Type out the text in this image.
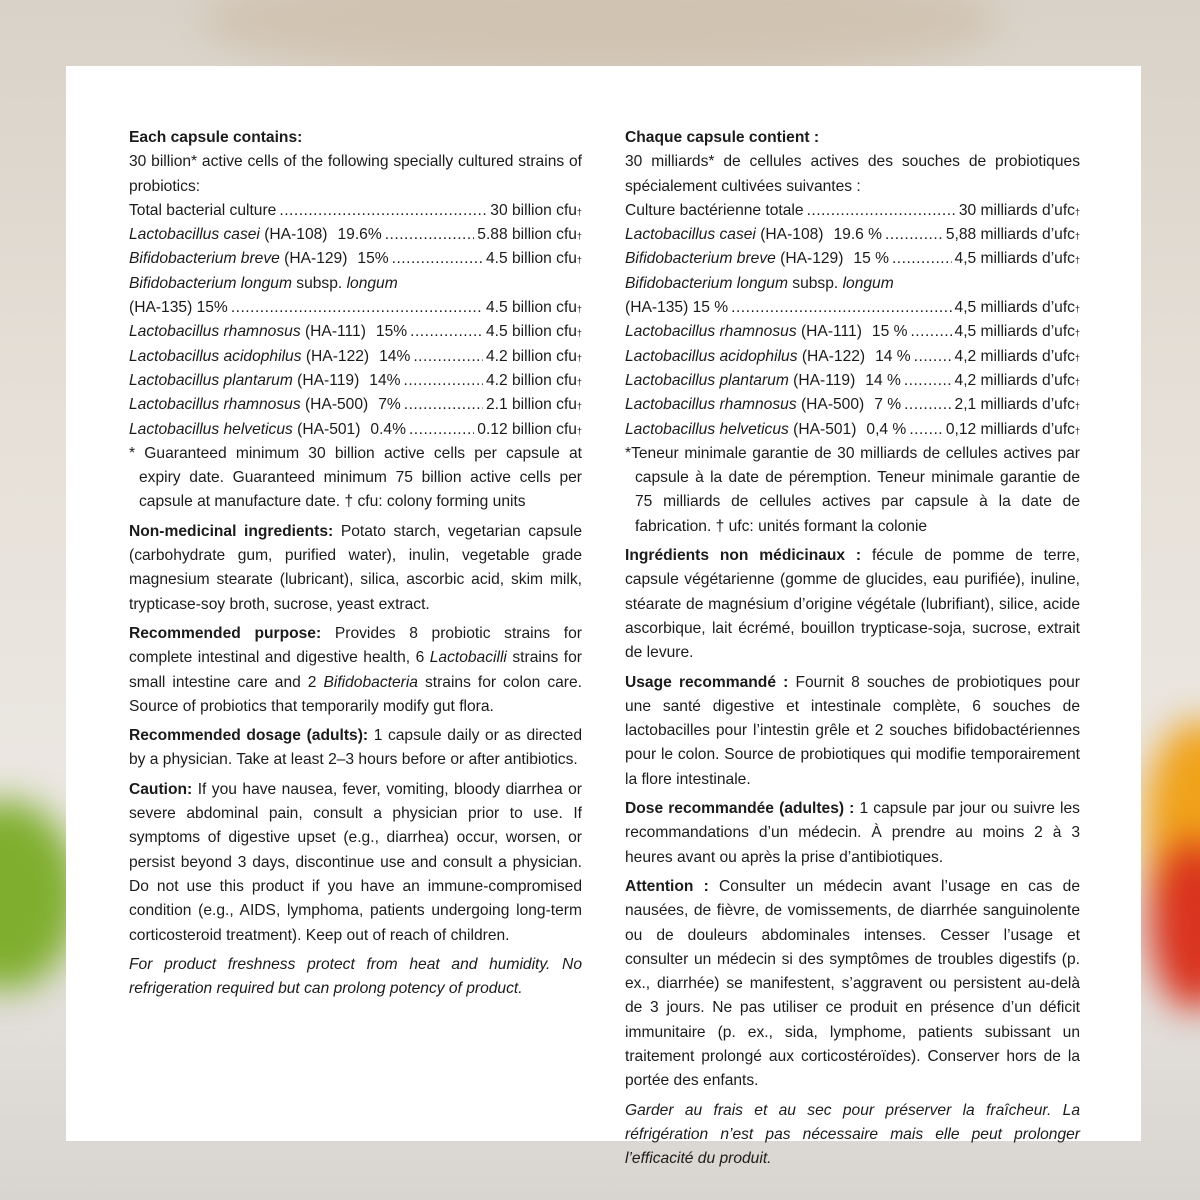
Each capsule contains:

30 billion* active cells of the following specially cultured strains of probiotics:

Total bacterial culture .....	30 billion cfu †
Lactobacillus casei (HA-108) 19.6% .....	5.88 billion cfu †
Bifidobacterium breve (HA-129) 15% .....	4.5 billion cfu †
Bifidobacterium longum subsp. longum
(HA-135) 15% .....	4.5 billion cfu †
Lactobacillus rhamnosus (HA-111) 15% .....	4.5 billion cfu †
Lactobacillus acidophilus (HA-122) 14% .....	4.2 billion cfu †
Lactobacillus plantarum (HA-119) 14% .....	4.2 billion cfu †
Lactobacillus rhamnosus (HA-500) 7% .....	2.1 billion cfu †
Lactobacillus helveticus (HA-501) 0.4% .....	0.12 billion cfu †

* Guaranteed minimum 30 billion active cells per capsule at expiry date. Guaranteed minimum 75 billion active cells per capsule at manufacture date. † cfu: colony forming units

Non-medicinal ingredients: Potato starch, vegetarian capsule (carbohydrate gum, purified water), inulin, vegetable grade magnesium stearate (lubricant), silica, ascorbic acid, skim milk, trypticase-soy broth, sucrose, yeast extract.

Recommended purpose: Provides 8 probiotic strains for complete intestinal and digestive health, 6 Lactobacilli strains for small intestine care and 2 Bifidobacteria strains for colon care. Source of probiotics that temporarily modify gut flora.

Recommended dosage (adults): 1 capsule daily or as directed by a physician. Take at least 2–3 hours before or after antibiotics.

Caution: If you have nausea, fever, vomiting, bloody diarrhea or severe abdominal pain, consult a physician prior to use. If symptoms of digestive upset (e.g., diarrhea) occur, worsen, or persist beyond 3 days, discontinue use and consult a physician. Do not use this product if you have an immune-compromised condition (e.g., AIDS, lymphoma, patients undergoing long-term corticosteroid treatment). Keep out of reach of children.

For product freshness protect from heat and humidity. No refrigeration required but can prolong potency of product.

Chaque capsule contient :

30 milliards* de cellules actives des souches de probiotiques spécialement cultivées suivantes :

Culture bactérienne totale .....	30 milliards d’ufc †
Lactobacillus casei (HA-108) 19.6 % .....	5,88 milliards d’ufc †
Bifidobacterium breve (HA-129) 15 % .....	4,5 milliards d’ufc †
Bifidobacterium longum subsp. longum
(HA-135) 15 % .....	4,5 milliards d’ufc †
Lactobacillus rhamnosus (HA-111) 15 % .....	4,5 milliards d’ufc †
Lactobacillus acidophilus (HA-122) 14 % .....	4,2 milliards d’ufc †
Lactobacillus plantarum (HA-119) 14 % .....	4,2 milliards d’ufc †
Lactobacillus rhamnosus (HA-500) 7 % .....	2,1 milliards d’ufc †
Lactobacillus helveticus (HA-501) 0,4 % .....	0,12 milliards d’ufc †

*Teneur minimale garantie de 30 milliards de cellules actives par capsule à la date de péremption. Teneur minimale garantie de 75 milliards de cellules actives par capsule à la date de fabrication. † ufc: unités formant la colonie

Ingrédients non médicinaux : fécule de pomme de terre, capsule végétarienne (gomme de glucides, eau purifiée), inuline, stéarate de magnésium d’origine végétale (lubrifiant), silice, acide ascorbique, lait écrémé, bouillon trypticase-soja, sucrose, extrait de levure.

Usage recommandé : Fournit 8 souches de probiotiques pour une santé digestive et intestinale complète, 6 souches de lactobacilles pour l’intestin grêle et 2 souches bifidobactériennes pour le colon. Source de probiotiques qui modifie temporairement la flore intestinale.

Dose recommandée (adultes) : 1 capsule par jour ou suivre les recommandations d’un médecin. À prendre au moins 2 à 3 heures avant ou après la prise d’antibiotiques.

Attention : Consulter un médecin avant l’usage en cas de nausées, de fièvre, de vomissements, de diarrhée sanguinolente ou de douleurs abdominales intenses. Cesser l’usage et consulter un médecin si des symptômes de troubles digestifs (p. ex., diarrhée) se manifestent, s’aggravent ou persistent au-delà de 3 jours. Ne pas utiliser ce produit en présence d’un déficit immunitaire (p. ex., sida, lymphome, patients subissant un traitement prolongé aux corticostéroïdes). Conserver hors de la portée des enfants.

Garder au frais et au sec pour préserver la fraîcheur. La réfrigération n’est pas nécessaire mais elle peut prolonger l’efficacité du produit.
